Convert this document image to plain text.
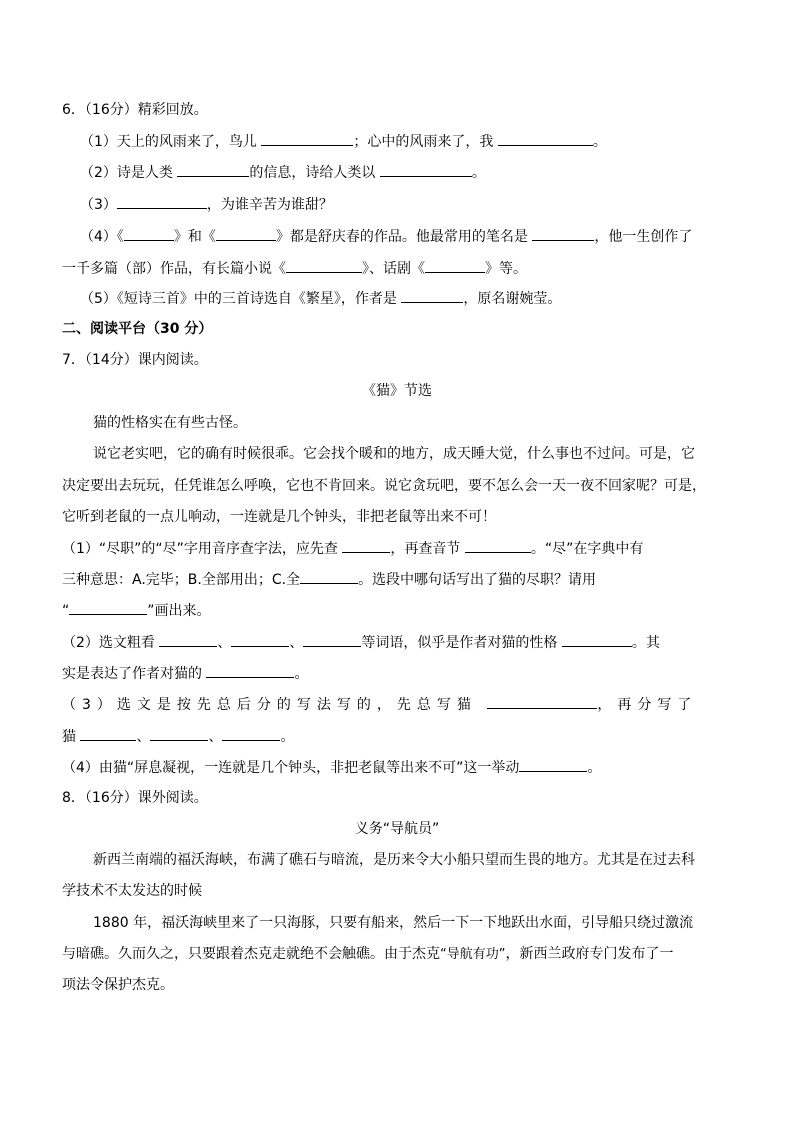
6．（16分）精彩回放。
（1）天上的风雨来了，鸟儿	；心中的风雨来了，我	。
（2）诗是人类	的信息，诗给人类以	。
（3）	，为谁辛苦为谁甜？
（4）《	》和《	》都是舒庆春的作品。他最常用的笔名是	，他一生创作了
一千多篇（部）作品，有长篇小说《	》、话剧《	》等。
（5）《短诗三首》中的三首诗选自《繁星》，作者是	，原名谢婉莹。
二、阅读平台（30 分）
7．（14分）课内阅读。
《猫》节选
猫的性格实在有些古怪。
说它老实吧，它的确有时候很乖。它会找个暖和的地方，成天睡大觉，什么事也不过问。可是，它
决定要出去玩玩，任凭谁怎么呼唤，它也不肯回来。说它贪玩吧，要不怎么会一天一夜不回家呢？可是，
它听到老鼠的一点儿响动，一连就是几个钟头，非把老鼠等出来不可！
（1）“尽职”的“尽”字用音序查字法，应先查	，再查音节	。“尽”在字典中有
三种意思：A.完毕；B.全部用出；C.全	。选段中哪句话写出了猫的尽职？请用
“	”画出来。
（2）选文粗看	、	、	等词语，似乎是作者对猫的性格	。其
实是表达了作者对猫的	。
（3）选文是按先总后分的写法写的，先总写猫	，再分写了
猫	、	、	。
（4）由猫“屏息凝视，一连就是几个钟头，非把老鼠等出来不可”这一举动	。
8．（16分）课外阅读。
义务“导航员”
新西兰南端的福沃海峡，布满了礁石与暗流，是历来令大小船只望而生畏的地方。尤其是在过去科
学技术不太发达的时候
1880 年，福沃海峡里来了一只海豚，只要有船来，然后一下一下地跃出水面，引导船只绕过激流
与暗礁。久而久之，只要跟着杰克走就绝不会触礁。由于杰克“导航有功”，新西兰政府专门发布了一
项法令保护杰克。
